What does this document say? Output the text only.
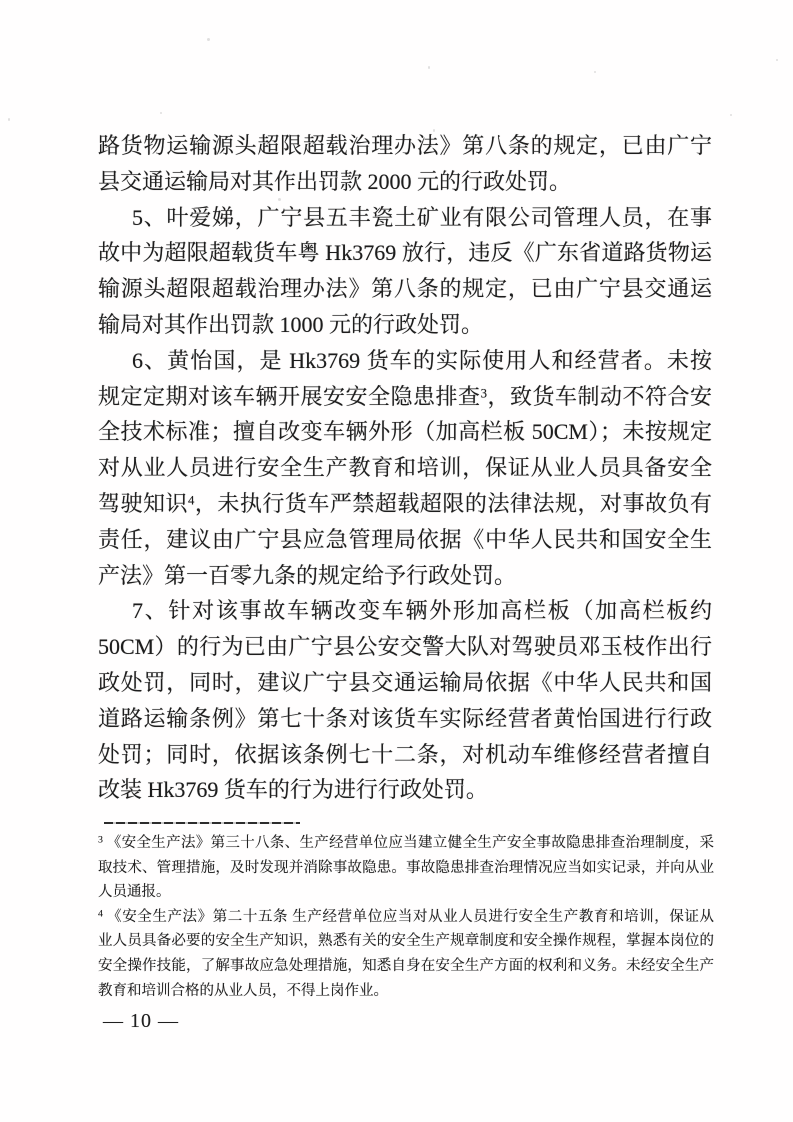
路货物运输源头超限超载治理办法》第八条的规定，已由广宁
县交通运输局对其作出罚款 2000 元的行政处罚。
5、叶爱娣，广宁县五丰瓷土矿业有限公司管理人员，在事
故中为超限超载货车粤 Hk3769 放行，违反《广东省道路货物运
输源头超限超载治理办法》第八条的规定，已由广宁县交通运
输局对其作出罚款 1000 元的行政处罚。
6、黄怡国，是 Hk3769 货车的实际使用人和经营者。未按
规定定期对该车辆开展安安全隐患排查$^3$，致货车制动不符合安
全技术标准；擅自改变车辆外形（加高栏板 50CM）；未按规定
对从业人员进行安全生产教育和培训，保证从业人员具备安全
驾驶知识$^4$，未执行货车严禁超载超限的法律法规，对事故负有
责任，建议由广宁县应急管理局依据《中华人民共和国安全生
产法》第一百零九条的规定给予行政处罚。
7、针对该事故车辆改变车辆外形加高栏板（加高栏板约
50CM）的行为已由广宁县公安交警大队对驾驶员邓玉枝作出行
政处罚，同时，建议广宁县交通运输局依据《中华人民共和国
道路运输条例》第七十条对该货车实际经营者黄怡国进行行政
处罚；同时，依据该条例七十二条，对机动车维修经营者擅自
改装 Hk3769 货车的行为进行行政处罚。
$^3$ 《安全生产法》第三十八条、生产经营单位应当建立健全生产安全事故隐患排查治理制度，采
取技术、管理措施，及时发现并消除事故隐患。事故隐患排查治理情况应当如实记录，并向从业
人员通报。
$^4$ 《安全生产法》第二十五条 生产经营单位应当对从业人员进行安全生产教育和培训，保证从
业人员具备必要的安全生产知识，熟悉有关的安全生产规章制度和安全操作规程，掌握本岗位的
安全操作技能，了解事故应急处理措施，知悉自身在安全生产方面的权利和义务。未经安全生产
教育和培训合格的从业人员，不得上岗作业。
— 10 —
